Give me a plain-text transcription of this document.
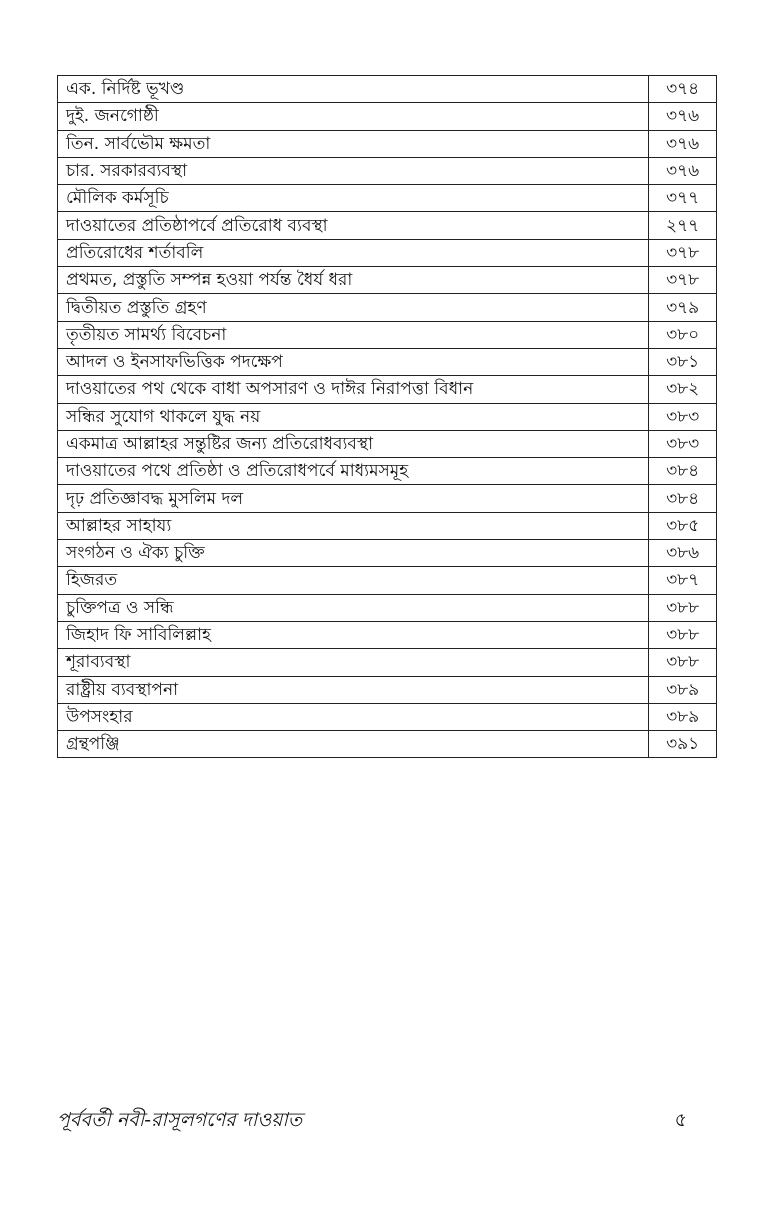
এক. নির্দিষ্ট ভূখণ্ড	৩৭৪
দুই. জনগোষ্ঠী	৩৭৬
তিন. সার্বভৌম ক্ষমতা	৩৭৬
চার. সরকারব্যবস্থা	৩৭৬
মৌলিক কর্মসূচি	৩৭৭
দাওয়াতের প্রতিষ্ঠাপর্বে প্রতিরোধ ব্যবস্থা	২৭৭
প্রতিরোধের শর্তাবলি	৩৭৮
প্রথমত, প্রস্তুতি সম্পন্ন হওয়া পর্যন্ত ধৈর্য ধরা	৩৭৮
দ্বিতীয়ত প্রস্তুতি গ্রহণ	৩৭৯
তৃতীয়ত সামর্থ্য বিবেচনা	৩৮০
আদল ও ইনসাফভিত্তিক পদক্ষেপ	৩৮১
দাওয়াতের পথ থেকে বাধা অপসারণ ও দাঈর নিরাপত্তা বিধান	৩৮২
সন্ধির সুযোগ থাকলে যুদ্ধ নয়	৩৮৩
একমাত্র আল্লাহর সন্তুষ্টির জন্য প্রতিরোধব্যবস্থা	৩৮৩
দাওয়াতের পথে প্রতিষ্ঠা ও প্রতিরোধপর্বে মাধ্যমসমূহ	৩৮৪
দৃঢ় প্রতিজ্ঞাবদ্ধ মুসলিম দল	৩৮৪
আল্লাহর সাহায্য	৩৮৫
সংগঠন ও ঐক্য চুক্তি	৩৮৬
হিজরত	৩৮৭
চুক্তিপত্র ও সন্ধি	৩৮৮
জিহাদ ফি সাবিলিল্লাহ	৩৮৮
শূরাব্যবস্থা	৩৮৮
রাষ্ট্রীয় ব্যবস্থাপনা	৩৮৯
উপসংহার	৩৮৯
গ্রন্থপঞ্জি	৩৯১
পূর্ববর্তী নবী-রাসূলগণের দাওয়াত	৫
